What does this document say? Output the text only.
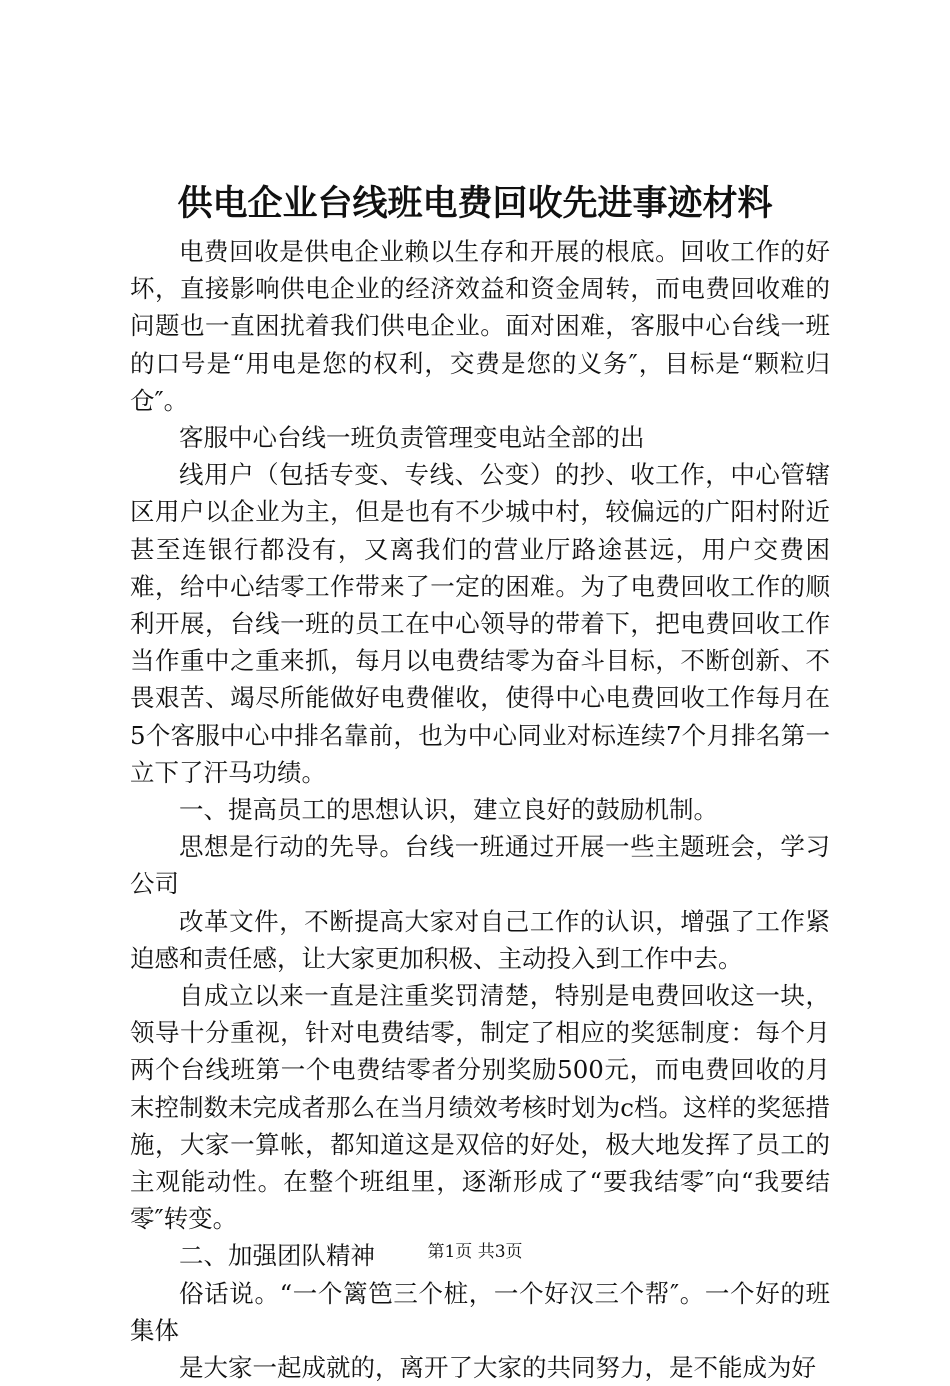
供电企业台线班电费回收先进事迹材料

电费回收是供电企业赖以生存和开展的根底。回收工作的好坏，直接影响供电企业的经济效益和资金周转，而电费回收难的问题也一直困扰着我们供电企业。面对困难，客服中心台线一班的口号是“用电是您的权利，交费是您的义务″，目标是“颗粒归仓″。

客服中心台线一班负责管理变电站全部的出

线用户（包括专变、专线、公变）的抄、收工作，中心管辖区用户以企业为主，但是也有不少城中村，较偏远的广阳村附近甚至连银行都没有，又离我们的营业厅路途甚远，用户交费困难，给中心结零工作带来了一定的困难。为了电费回收工作的顺利开展，台线一班的员工在中心领导的带着下，把电费回收工作当作重中之重来抓，每月以电费结零为奋斗目标，不断创新、不畏艰苦、竭尽所能做好电费催收，使得中心电费回收工作每月在5个客服中心中排名靠前，也为中心同业对标连续7个月排名第一立下了汗马功绩。

一、提高员工的思想认识，建立良好的鼓励机制。

思想是行动的先导。台线一班通过开展一些主题班会，学习公司

改革文件，不断提高大家对自己工作的认识，增强了工作紧迫感和责任感，让大家更加积极、主动投入到工作中去。

自成立以来一直是注重奖罚清楚，特别是电费回收这一块，领导十分重视，针对电费结零，制定了相应的奖惩制度：每个月两个台线班第一个电费结零者分别奖励500元，而电费回收的月末控制数未完成者那么在当月绩效考核时划为c档。这样的奖惩措施，大家一算帐，都知道这是双倍的好处，极大地发挥了员工的主观能动性。在整个班组里，逐渐形成了“要我结零″向“我要结零″转变。

二、加强团队精神

俗话说。“一个篱笆三个桩，一个好汉三个帮″。一个好的班集体

是大家一起成就的，离开了大家的共同努力，是不能成为好

第1页 共3页
